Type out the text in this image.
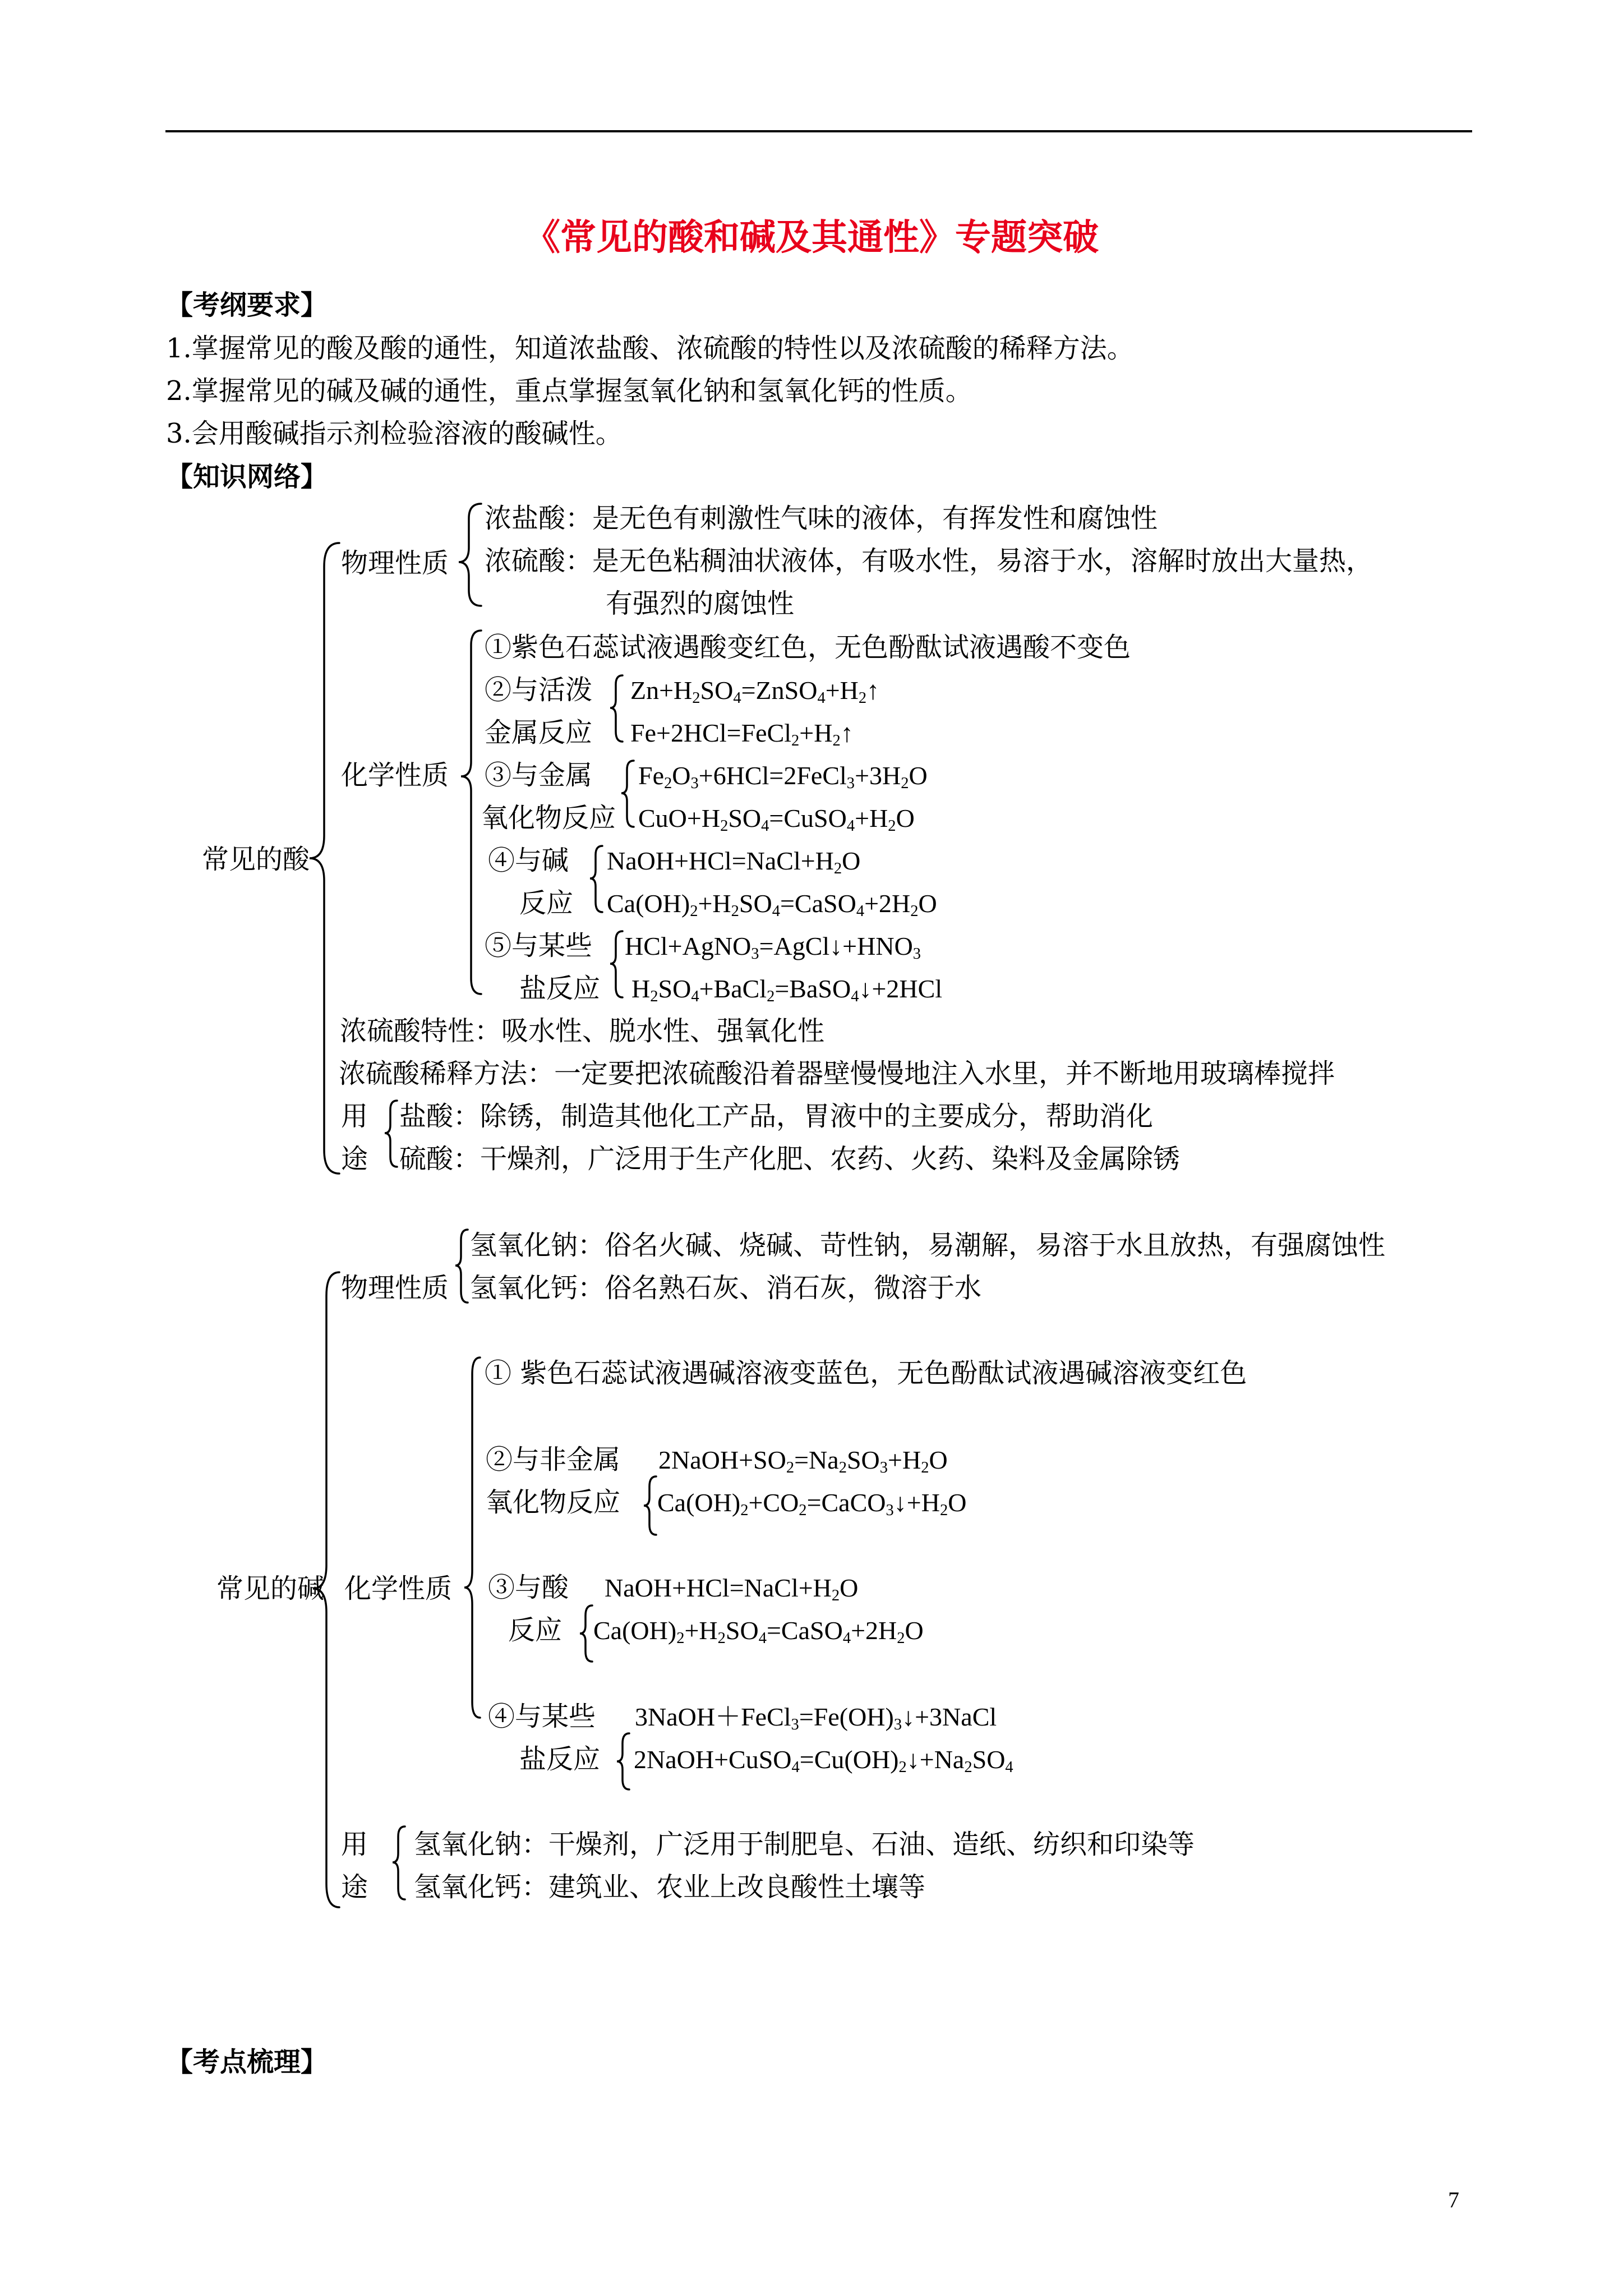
《常见的酸和碱及其通性》专题突破
【考纲要求】
1.掌握常见的酸及酸的通性，知道浓盐酸、浓硫酸的特性以及浓硫酸的稀释方法。
2.掌握常见的碱及碱的通性，重点掌握氢氧化钠和氢氧化钙的性质。
3.会用酸碱指示剂检验溶液的酸碱性。
【知识网络】
常见的酸
物理性质
浓盐酸：是无色有刺激性气味的液体，有挥发性和腐蚀性
浓硫酸：是无色粘稠油状液体，有吸水性，易溶于水，溶解时放出大量热，
有强烈的腐蚀性
化学性质
①紫色石蕊试液遇酸变红色，无色酚酞试液遇酸不变色
②与活泼
金属反应
$Zn+H_2SO_4=ZnSO_4+H_2↑$
$Fe+2HCl=FeCl_2+H_2↑$
③与金属
氧化物反应
$Fe_2O_3+6HCl=2FeCl_3+3H_2O$
$CuO+H_2SO_4=CuSO_4+H_2O$
④与碱
反应
$NaOH+HCl=NaCl+H_2O$
$Ca(OH)_2+H_2SO_4=CaSO_4+2H_2O$
⑤与某些
盐反应
$HCl+AgNO_3=AgCl↓+HNO_3$
$H_2SO_4+BaCl_2=BaSO_4↓+2HCl$
浓硫酸特性：吸水性、脱水性、强氧化性
浓硫酸稀释方法：一定要把浓硫酸沿着器壁慢慢地注入水里，并不断地用玻璃棒搅拌
用
途
盐酸：除锈，制造其他化工产品，胃液中的主要成分，帮助消化
硫酸：干燥剂，广泛用于生产化肥、农药、火药、染料及金属除锈
常见的碱
物理性质
氢氧化钠：俗名火碱、烧碱、苛性钠，易潮解，易溶于水且放热，有强腐蚀性
氢氧化钙：俗名熟石灰、消石灰，微溶于水
化学性质
① 紫色石蕊试液遇碱溶液变蓝色，无色酚酞试液遇碱溶液变红色
②与非金属
氧化物反应
$2NaOH+SO_2=Na_2SO_3+H_2O$
$Ca(OH)_2+CO_2=CaCO_3↓+H_2O$
③与酸
反应
$NaOH+HCl=NaCl+H_2O$
$Ca(OH)_2+H_2SO_4=CaSO_4+2H_2O$
④与某些
盐反应
$3NaOH+FeCl_3=Fe(OH)_3↓+3NaCl$
$2NaOH+CuSO_4=Cu(OH)_2↓+Na_2SO_4$
用
途
氢氧化钠：干燥剂，广泛用于制肥皂、石油、造纸、纺织和印染等
氢氧化钙：建筑业、农业上改良酸性土壤等
【考点梳理】
7
